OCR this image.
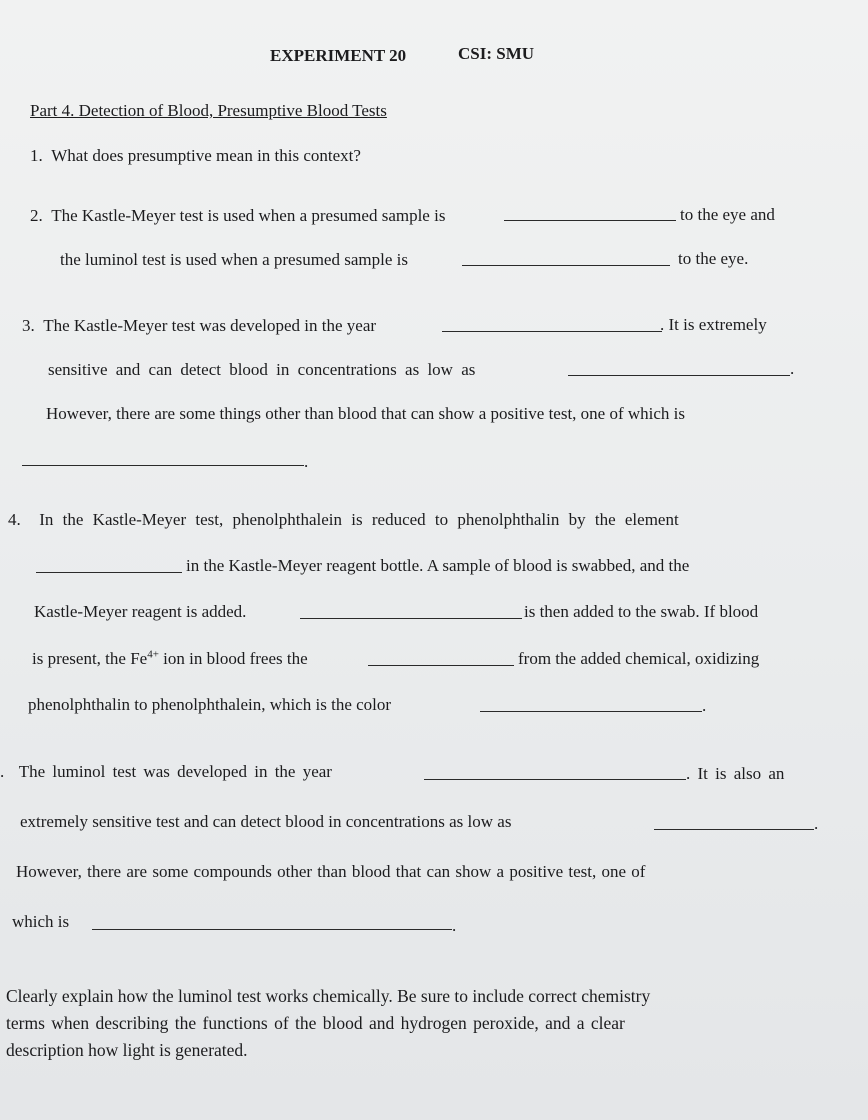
EXPERIMENT 20	CSI: SMU
Part 4. Detection of Blood, Presumptive Blood Tests
1. What does presumptive mean in this context?
2. The Kastle-Meyer test is used when a presumed sample is	to the eye and
the luminol test is used when a presumed sample is	to the eye.
3. The Kastle-Meyer test was developed in the year	. It is extremely
sensitive and can detect blood in concentrations as low as	.
However, there are some things other than blood that can show a positive test, one of which is
.
4. In the Kastle-Meyer test, phenolphthalein is reduced to phenolphthalin by the element
in the Kastle-Meyer reagent bottle. A sample of blood is swabbed, and the
Kastle-Meyer reagent is added.	is then added to the swab. If blood
is present, the $Fe^{4+}$ ion in blood frees the	from the added chemical, oxidizing
phenolphthalin to phenolphthalein, which is the color	.
. The luminol test was developed in the year	. It is also an
extremely sensitive test and can detect blood in concentrations as low as	.
However, there are some compounds other than blood that can show a positive test, one of
which is	.
Clearly explain how the luminol test works chemically. Be sure to include correct chemistry
terms when describing the functions of the blood and hydrogen peroxide, and a clear
description how light is generated.
